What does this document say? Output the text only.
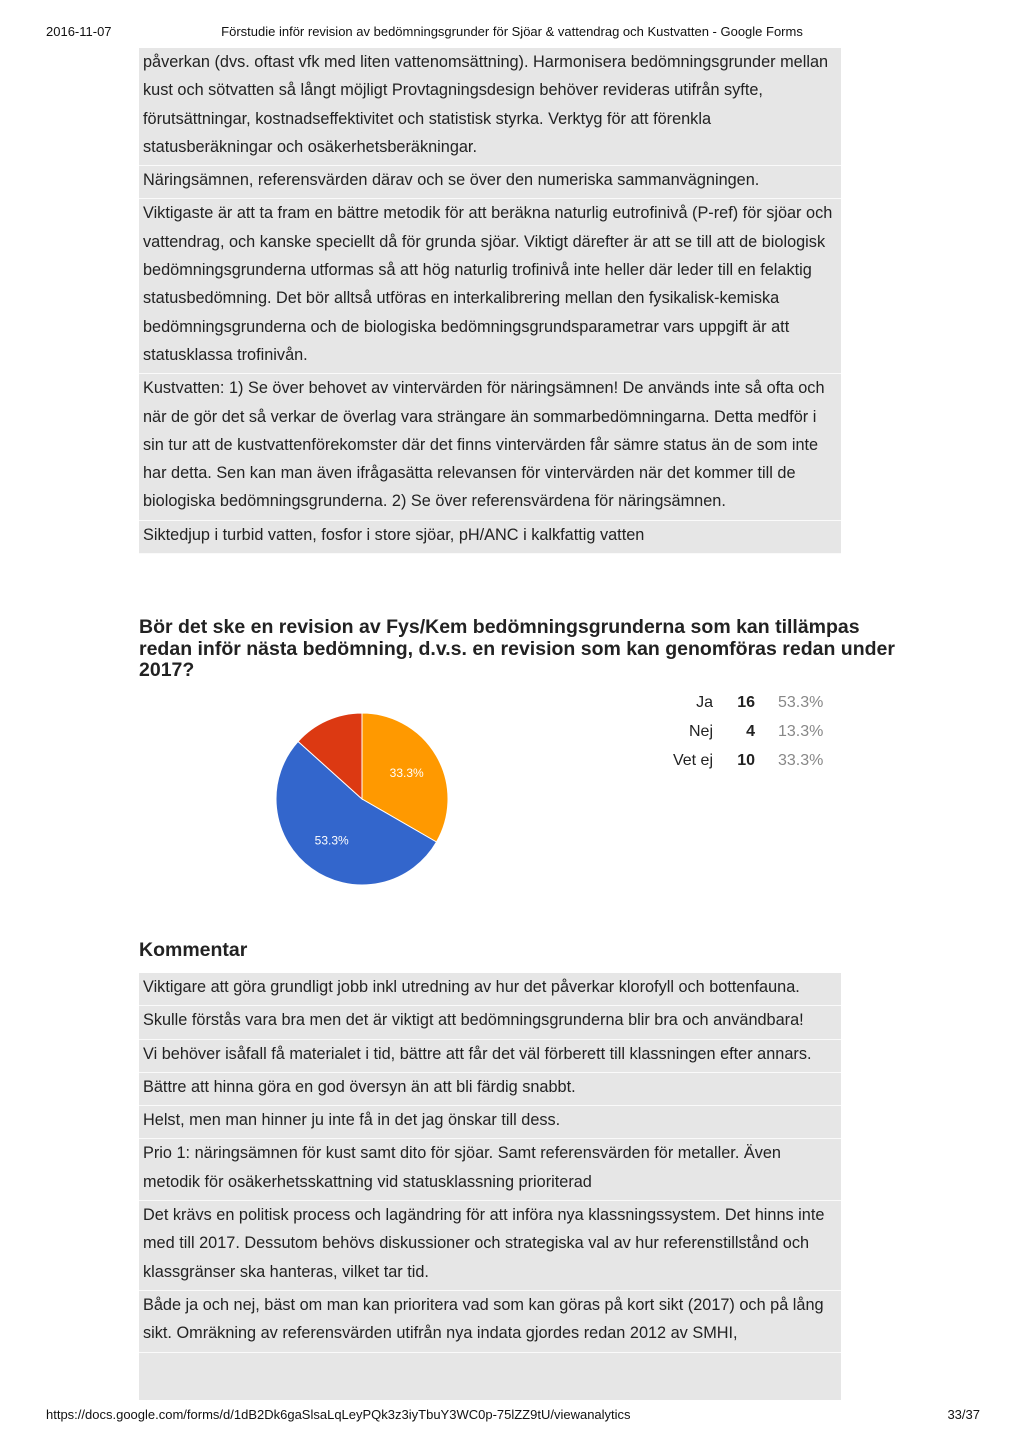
2016-11-07	Förstudie inför revision av bedömningsgrunder för Sjöar & vattendrag och Kustvatten - Google Forms
påverkan (dvs. oftast vfk med liten vattenomsättning). Harmonisera bedömningsgrunder mellan kust och sötvatten så långt möjligt Provtagningsdesign behöver revideras utifrån syfte, förutsättningar, kostnadseffektivitet och statistisk styrka. Verktyg för att förenkla statusberäkningar och osäkerhetsberäkningar.
Näringsämnen, referensvärden därav och se över den numeriska sammanvägningen.
Viktigaste är att ta fram en bättre metodik för att beräkna naturlig eutrofinivå (P-ref) för sjöar och vattendrag, och kanske speciellt då för grunda sjöar. Viktigt därefter är att se till att de biologisk bedömningsgrunderna utformas så att hög naturlig trofinivå inte heller där leder till en felaktig statusbedömning. Det bör alltså utföras en interkalibrering mellan den fysikalisk-kemiska bedömningsgrunderna och de biologiska bedömningsgrundsparametrar vars uppgift är att statusklassa trofinivån.
Kustvatten: 1) Se över behovet av vintervärden för näringsämnen! De används inte så ofta och när de gör det så verkar de överlag vara strängare än sommarbedömningarna. Detta medför i sin tur att de kustvattenförekomster där det finns vintervärden får sämre status än de som inte har detta. Sen kan man även ifrågasätta relevansen för vintervärden när det kommer till de biologiska bedömningsgrunderna. 2) Se över referensvärdena för näringsämnen.
Siktedjup i turbid vatten, fosfor i store sjöar, pH/ANC i kalkfattig vatten
Bör det ske en revision av Fys/Kem bedömningsgrunderna som kan tillämpas redan inför nästa bedömning, d.v.s. en revision som kan genomföras redan under 2017?
33.3%
53.3%
Ja 16 53.3%
Nej 4 13.3%
Vet ej 10 33.3%
Kommentar
Viktigare att göra grundligt jobb inkl utredning av hur det påverkar klorofyll och bottenfauna.
Skulle förstås vara bra men det är viktigt att bedömningsgrunderna blir bra och användbara!
Vi behöver isåfall få materialet i tid, bättre att får det väl förberett till klassningen efter annars.
Bättre att hinna göra en god översyn än att bli färdig snabbt.
Helst, men man hinner ju inte få in det jag önskar till dess.
Prio 1: näringsämnen för kust samt dito för sjöar. Samt referensvärden för metaller. Även metodik för osäkerhetsskattning vid statusklassning prioriterad
Det krävs en politisk process och lagändring för att införa nya klassningssystem. Det hinns inte med till 2017. Dessutom behövs diskussioner och strategiska val av hur referenstillstånd och klassgränser ska hanteras, vilket tar tid.
Både ja och nej, bäst om man kan prioritera vad som kan göras på kort sikt (2017) och på lång sikt. Omräkning av referensvärden utifrån nya indata gjordes redan 2012 av SMHI,
https://docs.google.com/forms/d/1dB2Dk6gaSlsaLqLeyPQk3z3iyTbuY3WC0p-75lZZ9tU/viewanalytics	33/37
